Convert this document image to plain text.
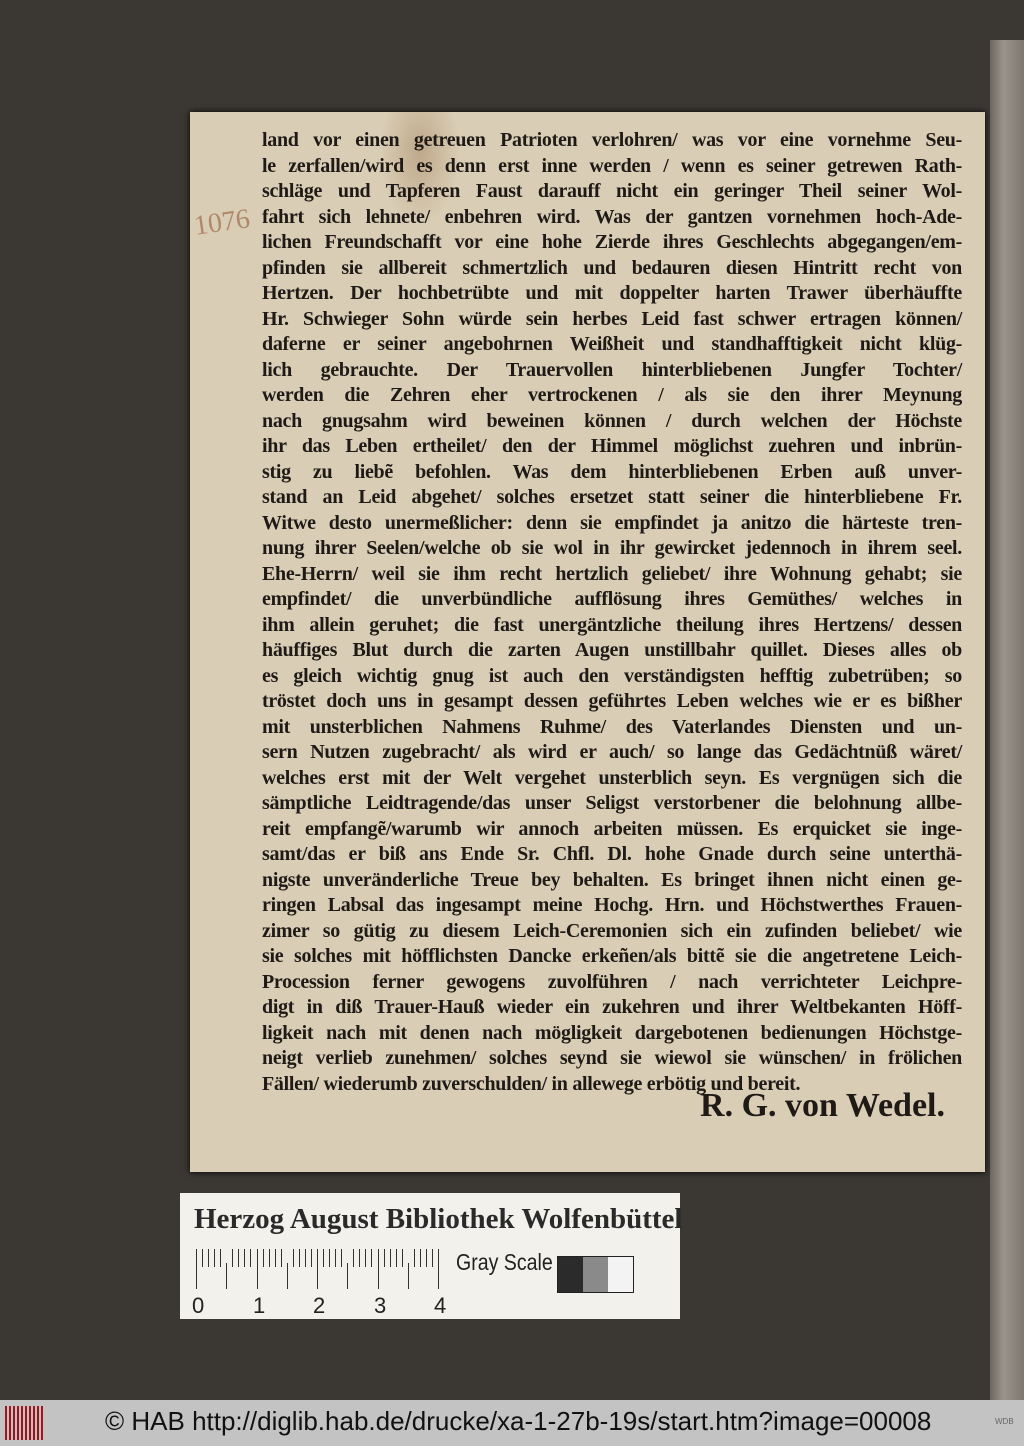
1076
land vor einen getreuen Patrioten verlohren/ was vor eine vornehme Seu-
le zerfallen/wird es denn erst inne werden / wenn es seiner getrewen Rath-
schläge und Tapferen Faust darauff nicht ein geringer Theil seiner Wol-
fahrt sich lehnete/ enbehren wird. Was der gantzen vornehmen hoch-Ade-
lichen Freundschafft vor eine hohe Zierde ihres Geschlechts abgegangen/em-
pfinden sie allbereit schmertzlich und bedauren diesen Hintritt recht von
Hertzen. Der hochbetrübte und mit doppelter harten Trawer überhäuffte
Hr. Schwieger Sohn würde sein herbes Leid fast schwer ertragen können/
daferne er seiner angebohrnen Weißheit und standhafftigkeit nicht klüg-
lich gebrauchte. Der Trauervollen hinterbliebenen Jungfer Tochter/
werden die Zehren eher vertrockenen / als sie den ihrer Meynung
nach gnugsahm wird beweinen können / durch welchen der Höchste
ihr das Leben ertheilet/ den der Himmel möglichst zuehren und inbrün-
stig zu liebẽ befohlen. Was dem hinterbliebenen Erben auß unver-
stand an Leid abgehet/ solches ersetzet statt seiner die hinterbliebene Fr.
Witwe desto unermeßlicher: denn sie empfindet ja anitzo die härteste tren-
nung ihrer Seelen/welche ob sie wol in ihr gewircket jedennoch in ihrem seel.
Ehe-Herrn/ weil sie ihm recht hertzlich geliebet/ ihre Wohnung gehabt; sie
empfindet/ die unverbündliche aufflösung ihres Gemüthes/ welches in
ihm allein geruhet; die fast unergäntzliche theilung ihres Hertzens/ dessen
häuffiges Blut durch die zarten Augen unstillbahr quillet. Dieses alles ob
es gleich wichtig gnug ist auch den verständigsten hefftig zubetrüben; so
tröstet doch uns in gesampt dessen geführtes Leben welches wie er es bißher
mit unsterblichen Nahmens Ruhme/ des Vaterlandes Diensten und un-
sern Nutzen zugebracht/ als wird er auch/ so lange das Gedächtnüß wäret/
welches erst mit der Welt vergehet unsterblich seyn. Es vergnügen sich die
sämptliche Leidtragende/das unser Seligst verstorbener die belohnung allbe-
reit empfangẽ/warumb wir annoch arbeiten müssen. Es erquicket sie inge-
samt/das er biß ans Ende Sr. Chfl. Dl. hohe Gnade durch seine unterthä-
nigste unveränderliche Treue bey behalten. Es bringet ihnen nicht einen ge-
ringen Labsal das ingesampt meine Hochg. Hrn. und Höchstwerthes Frauen-
zimer so gütig zu diesem Leich-Ceremonien sich ein zufinden beliebet/ wie
sie solches mit höfflichsten Dancke erkeñen/als bittẽ sie die angetretene Leich-
Procession ferner gewogens zuvolführen / nach verrichteter Leichpre-
digt in diß Trauer-Hauß wieder ein zukehren und ihrer Weltbekanten Höff-
ligkeit nach mit denen nach mögligkeit dargebotenen bedienungen Höchstge-
neigt verlieb zunehmen/ solches seynd sie wiewol sie wünschen/ in frölichen
Fällen/ wiederumb zuverschulden/ in allewege erbötig und bereit.
R. G. von Wedel.
Herzog August Bibliothek Wolfenbüttel
0 1 2 3 4
Gray Scale
© HAB http://diglib.hab.de/drucke/xa-1-27b-19s/start.htm?image=00008	WDB
